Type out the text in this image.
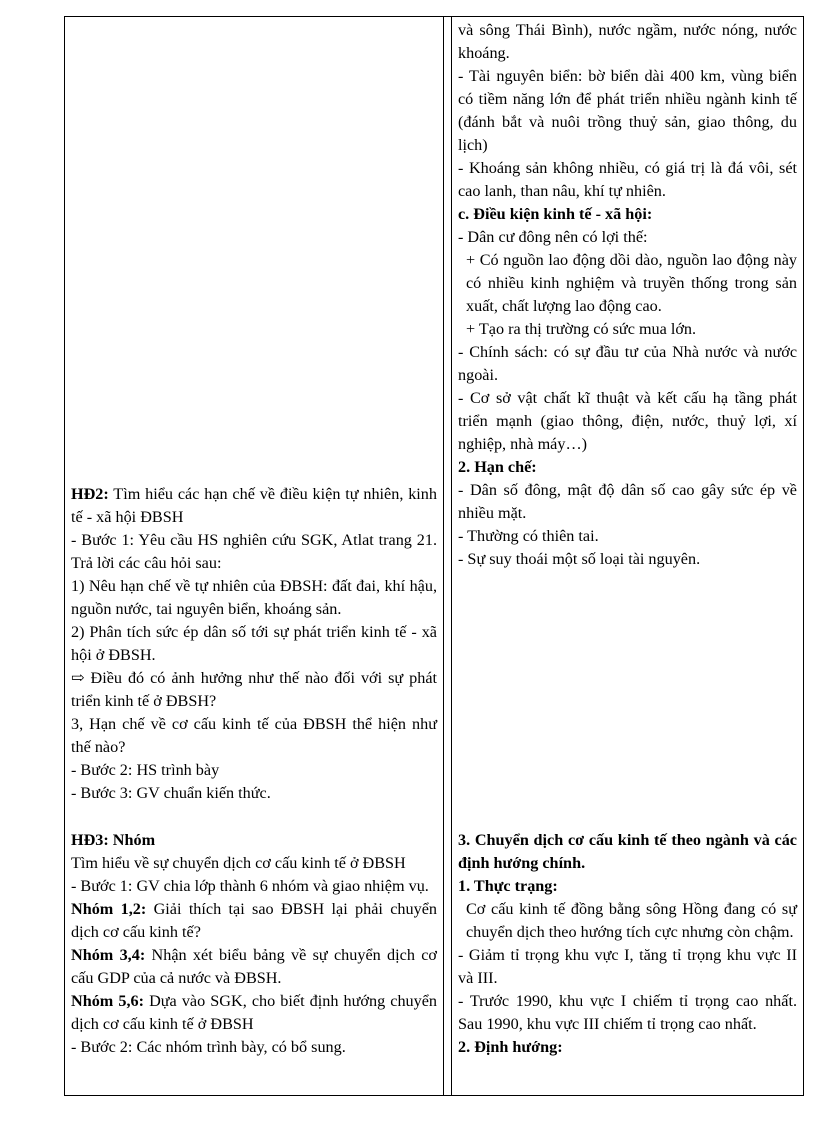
HĐ2: Tìm hiểu các hạn chế về điều kiện tự nhiên, kinh tế - xã hội ĐBSH

- Bước 1: Yêu cầu HS nghiên cứu SGK, Atlat trang 21. Trả lời các câu hỏi sau:

1) Nêu hạn chế về tự nhiên của ĐBSH: đất đai, khí hậu, nguồn nước, tai nguyên biển, khoáng sản.

2) Phân tích sức ép dân số tới sự phát triển kinh tế - xã hội ở ĐBSH.

⇨ Điều đó có ảnh hưởng như thế nào đối với sự phát triển kinh tế ở ĐBSH?

3, Hạn chế về cơ cấu kinh tế của ĐBSH thể hiện như thế nào?

- Bước 2: HS trình bày

- Bước 3: GV chuẩn kiến thức.

HĐ3: Nhóm

Tìm hiểu về sự chuyển dịch cơ cấu kinh tế ở ĐBSH

- Bước 1: GV chia lớp thành 6 nhóm và giao nhiệm vụ.

Nhóm 1,2: Giải thích tại sao ĐBSH lại phải chuyển dịch cơ cấu kinh tế?

Nhóm 3,4: Nhận xét biểu bảng về sự chuyển dịch cơ cấu GDP của cả nước và ĐBSH.

Nhóm 5,6: Dựa vào SGK, cho biết định hướng chuyển dịch cơ cấu kinh tế ở ĐBSH

- Bước 2: Các nhóm trình bày, có bổ sung.

và sông Thái Bình), nước ngầm, nước nóng, nước khoáng.

- Tài nguyên biển: bờ biển dài 400 km, vùng biển có tiềm năng lớn để phát triển nhiều ngành kinh tế (đánh bắt và nuôi trồng thuỷ sản, giao thông, du lịch)

- Khoáng sản không nhiều, có giá trị là đá vôi, sét cao lanh, than nâu, khí tự nhiên.

c. Điều kiện kinh tế - xã hội:

- Dân cư đông nên có lợi thế:

+ Có nguồn lao động dồi dào, nguồn lao động này có nhiều kinh nghiệm và truyền thống trong sản xuất, chất lượng lao động cao.

+ Tạo ra thị trường có sức mua lớn.

- Chính sách: có sự đầu tư của Nhà nước và nước ngoài.

- Cơ sở vật chất kĩ thuật và kết cấu hạ tầng phát triển mạnh (giao thông, điện, nước, thuỷ lợi, xí nghiệp, nhà máy…)

2. Hạn chế:

- Dân số đông, mật độ dân số cao gây sức ép về nhiều mặt.

- Thường có thiên tai.

- Sự suy thoái một số loại tài nguyên.

3. Chuyển dịch cơ cấu kinh tế theo ngành và các định hướng chính.

1. Thực trạng:

Cơ cấu kinh tế đồng bằng sông Hồng đang có sự chuyển dịch theo hướng tích cực nhưng còn chậm.

- Giảm tỉ trọng khu vực I, tăng tỉ trọng khu vực II và III.

- Trước 1990, khu vực I chiếm tỉ trọng cao nhất. Sau 1990, khu vực III chiếm tỉ trọng cao nhất.

2. Định hướng:
